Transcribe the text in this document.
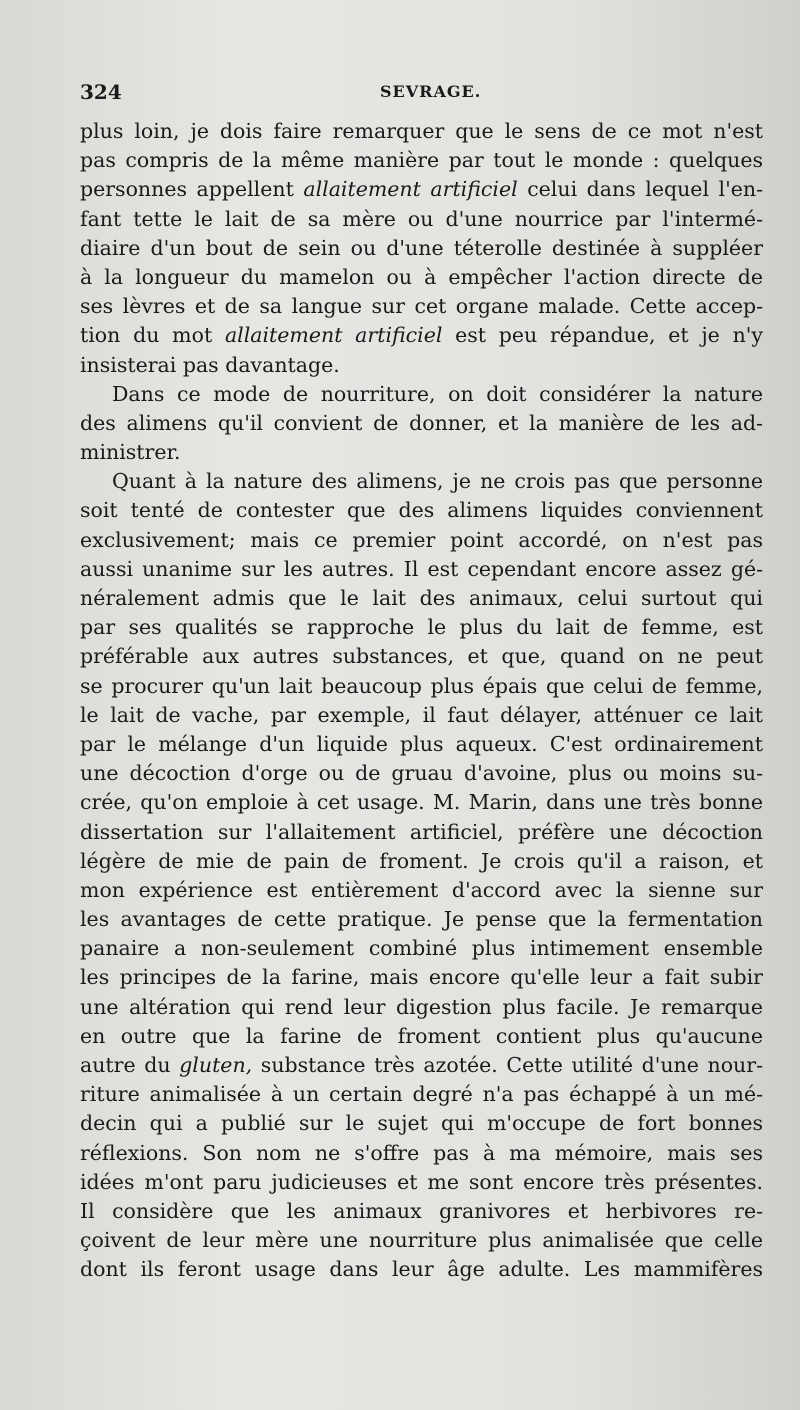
324	SEVRAGE.
plus loin, je dois faire remarquer que le sens de ce mot n'est
pas compris de la même manière par tout le monde : quelques
personnes appellent allaitement artificiel celui dans lequel l'en-
fant tette le lait de sa mère ou d'une nourrice par l'intermé-
diaire d'un bout de sein ou d'une téterolle destinée à suppléer
à la longueur du mamelon ou à empêcher l'action directe de
ses lèvres et de sa langue sur cet organe malade. Cette accep-
tion du mot allaitement artificiel est peu répandue, et je n'y
insisterai pas davantage.
Dans ce mode de nourriture, on doit considérer la nature
des alimens qu'il convient de donner, et la manière de les ad-
ministrer.
Quant à la nature des alimens, je ne crois pas que personne
soit tenté de contester que des alimens liquides conviennent
exclusivement; mais ce premier point accordé, on n'est pas
aussi unanime sur les autres. Il est cependant encore assez gé-
néralement admis que le lait des animaux, celui surtout qui
par ses qualités se rapproche le plus du lait de femme, est
préférable aux autres substances, et que, quand on ne peut
se procurer qu'un lait beaucoup plus épais que celui de femme,
le lait de vache, par exemple, il faut délayer, atténuer ce lait
par le mélange d'un liquide plus aqueux. C'est ordinairement
une décoction d'orge ou de gruau d'avoine, plus ou moins su-
crée, qu'on emploie à cet usage. M. Marin, dans une très bonne
dissertation sur l'allaitement artificiel, préfère une décoction
légère de mie de pain de froment. Je crois qu'il a raison, et
mon expérience est entièrement d'accord avec la sienne sur
les avantages de cette pratique. Je pense que la fermentation
panaire a non-seulement combiné plus intimement ensemble
les principes de la farine, mais encore qu'elle leur a fait subir
une altération qui rend leur digestion plus facile. Je remarque
en outre que la farine de froment contient plus qu'aucune
autre du gluten, substance très azotée. Cette utilité d'une nour-
riture animalisée à un certain degré n'a pas échappé à un mé-
decin qui a publié sur le sujet qui m'occupe de fort bonnes
réflexions. Son nom ne s'offre pas à ma mémoire, mais ses
idées m'ont paru judicieuses et me sont encore très présentes.
Il considère que les animaux granivores et herbivores re-
çoivent de leur mère une nourriture plus animalisée que celle
dont ils feront usage dans leur âge adulte. Les mammifères
